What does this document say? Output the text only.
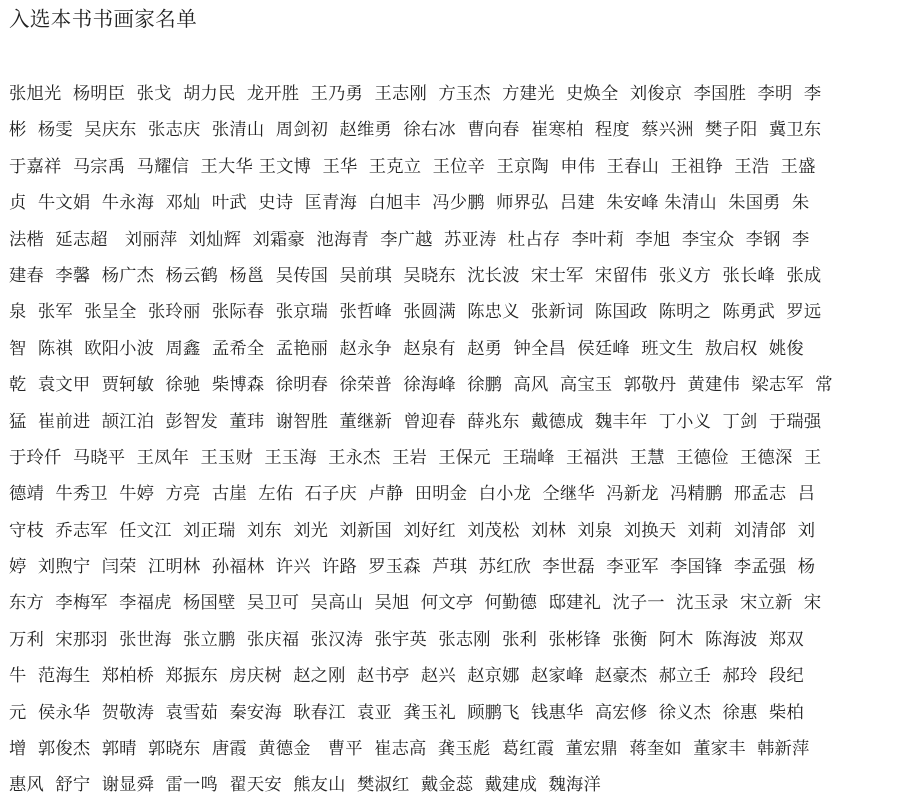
入选本书书画家名单
张旭光  杨明臣  张戈  胡力民  龙开胜  王乃勇  王志刚  方玉杰  方建光  史焕全  刘俊京  李国胜  李明  李
彬  杨雯  吴庆东  张志庆  张清山  周剑初  赵维勇  徐右冰  曹向春  崔寒柏  程度  蔡兴洲  樊子阳  冀卫东
于嘉祥  马宗禹  马耀信  王大华 王文博  王华  王克立  王位辛  王京陶  申伟  王春山  王祖铮  王浩  王盛
贞  牛文娟  牛永海  邓灿  叶武  史诗  匡青海  白旭丰  冯少鹏  师界弘  吕建  朱安峰 朱清山  朱国勇  朱
法楷  延志超   刘丽萍  刘灿辉  刘霜豪  池海青  李广越  苏亚涛  杜占存  李叶莉  李旭  李宝众  李钢  李
建春  李馨  杨广杰  杨云鹤  杨邕  吴传国  吴前琪  吴晓东  沈长波  宋士军  宋留伟  张义方  张长峰  张成
泉  张军  张呈全  张玲丽  张际春  张京瑞  张哲峰  张圆满  陈忠义  张新词  陈国政  陈明之  陈勇武  罗远
智  陈祺  欧阳小波  周鑫  孟希全  孟艳丽  赵永争  赵泉有  赵勇  钟全昌  侯廷峰  班文生  敖启权  姚俊
乾  袁文甲  贾轲敏  徐驰  柴博森  徐明春  徐荣普  徐海峰  徐鹏  高风  高宝玉  郭敬丹  黄建伟  梁志军  常
猛  崔前进  颉江泊  彭智发  董玮  谢智胜  董继新  曾迎春  薛兆东  戴德成  魏丰年  丁小义  丁剑  于瑞强
于玲仟  马晓平  王凤年  王玉财  王玉海  王永杰  王岩  王保元  王瑞峰  王福洪  王慧  王德俭  王德深  王
德靖  牛秀卫  牛婷  方亮  古崖  左佑  石子庆  卢静  田明金  白小龙  仝继华  冯新龙  冯精鹏  邢孟志  吕
守枝  乔志军  任文江  刘正瑞  刘东  刘光  刘新国  刘好红  刘茂松  刘林  刘泉  刘换天  刘莉  刘清郃  刘
婷  刘煦宁  闫荣  江明林  孙福林  许兴  许路  罗玉森  芦琪  苏红欣  李世磊  李亚军  李国锋  李孟强  杨
东方  李梅军  李福虎  杨国壁  吴卫可  吴高山  吴旭  何文亭  何勤德  邸建礼  沈子一  沈玉录  宋立新  宋
万利  宋那羽  张世海  张立鹏  张庆福  张汉涛  张宇英  张志刚  张利  张彬锋  张衡  阿木  陈海波  郑双
牛  范海生  郑柏桥  郑振东  房庆树  赵之刚  赵书亭  赵兴  赵京娜  赵家峰  赵豪杰  郝立壬  郝玲  段纪
元  侯永华  贺敬涛  袁雪茹  秦安海  耿春江  袁亚  龚玉礼  顾鹏飞  钱惠华  高宏修  徐义杰  徐惠  柴柏
增  郭俊杰  郭晴  郭晓东  唐霞  黄德金   曹平  崔志高  龚玉彪  葛红霞  董宏鼎  蒋奎如  董家丰  韩新萍
惠风  舒宁  谢显舜  雷一鸣  翟天安  熊友山  樊淑红  戴金蕊  戴建成  魏海洋
